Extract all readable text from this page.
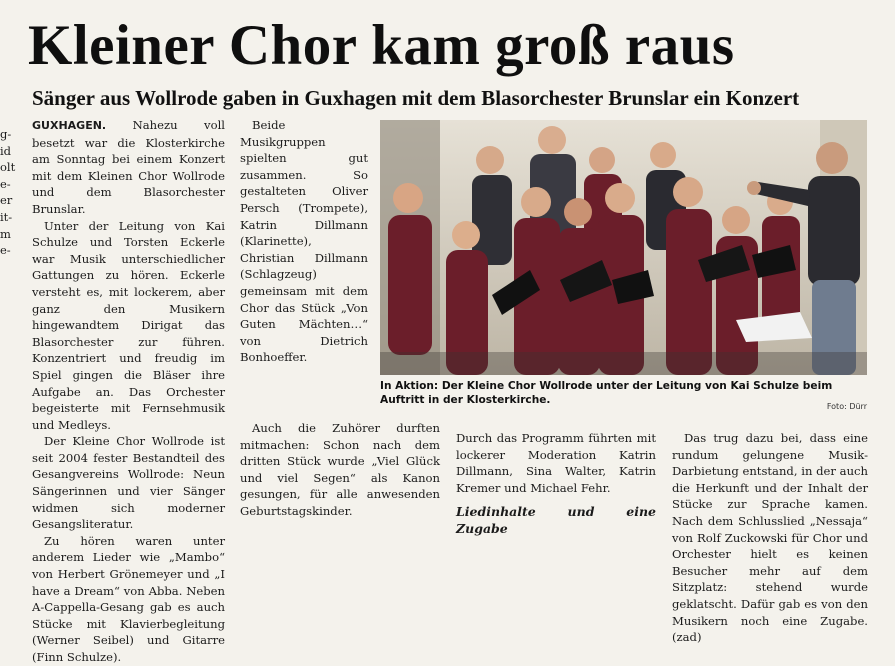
Kleiner Chor kam groß raus
Sänger aus Wollrode gaben in Guxhagen mit dem Blasorchester Brunslar ein Konzert
g-
id
olt
e-
er
it-
m
e-

GUXHAGEN. Nahezu voll besetzt war die Klosterkirche am Sonntag bei einem Konzert mit dem Kleinen Chor Wollrode und dem Blasorchester Brunslar.

Unter der Leitung von Kai Schulze und Torsten Eckerle war Musik unterschiedlicher Gattungen zu hören. Eckerle versteht es, mit lockerem, aber ganz den Musikern hingewandtem Dirigat das Blasorchester zur führen. Konzentriert und freudig im Spiel gingen die Bläser ihre Aufgabe an. Das Orchester begeisterte mit Fernsehmusik und Medleys.

Der Kleine Chor Wollrode ist seit 2004 fester Bestandteil des Gesangvereins Wollrode: Neun Sängerinnen und vier Sänger widmen sich moderner Gesangsliteratur.

Zu hören waren unter anderem Lieder wie „Mambo“ von Herbert Grönemeyer und „I have a Dream“ von Abba. Neben A-Cappella-Gesang gab es auch Stücke mit Klavierbegleitung (Werner Seibel) und Gitarre (Finn Schulze).

Beide Musikgruppen spielten gut zusammen. So gestalteten Oliver Persch (Trompete), Katrin Dillmann (Klarinette), Christian Dillmann (Schlagzeug) gemeinsam mit dem Chor das Stück „Von Guten Mächten…“ von Dietrich Bonhoeffer.

Auch die Zuhörer durften mitmachen: Schon nach dem dritten Stück wurde „Viel Glück und viel Segen“ als Kanon gesungen, für alle anwesenden Geburtstagskinder.

Durch das Programm führten mit lockerer Moderation Katrin Dillmann, Sina Walter, Katrin Kremer und Michael Fehr.

Liedinhalte und eine Zugabe

Das trug dazu bei, dass eine rundum gelungene Musik-Darbietung entstand, in der auch die Herkunft und der Inhalt der Stücke zur Sprache kamen. Nach dem Schlusslied „Nessaja“ von Rolf Zuckowski für Chor und Orchester hielt es keinen Besucher mehr auf dem Sitzplatz: stehend wurde geklatscht. Dafür gab es von den Musikern noch eine Zugabe. (zad)

In Aktion: Der Kleine Chor Wollrode unter der Leitung von Kai Schulze beim Auftritt in der Klosterkirche.
Foto: Dürr
